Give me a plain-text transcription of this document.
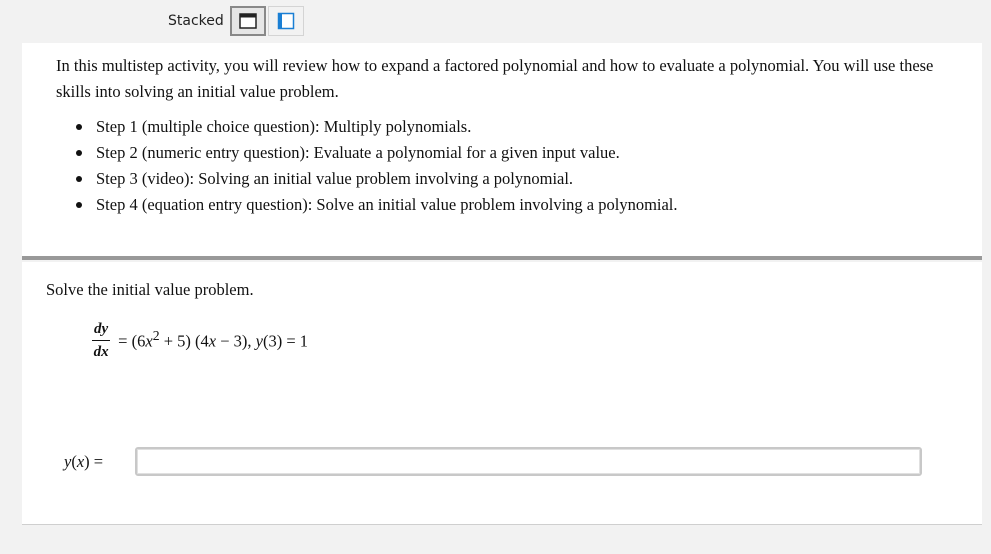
Stacked
In this multistep activity, you will review how to expand a factored polynomial and how to evaluate a polynomial. You will use these skills into solving an initial value problem.
Step 1 (multiple choice question): Multiply polynomials.
Step 2 (numeric entry question): Evaluate a polynomial for a given input value.
Step 3 (video): Solving an initial value problem involving a polynomial.
Step 4 (equation entry question): Solve an initial value problem involving a polynomial.
Solve the initial value problem.
$\frac{dy}{dx} = (6x^2 + 5) (4x - 3)$, y(3) = 1
y(x) =
